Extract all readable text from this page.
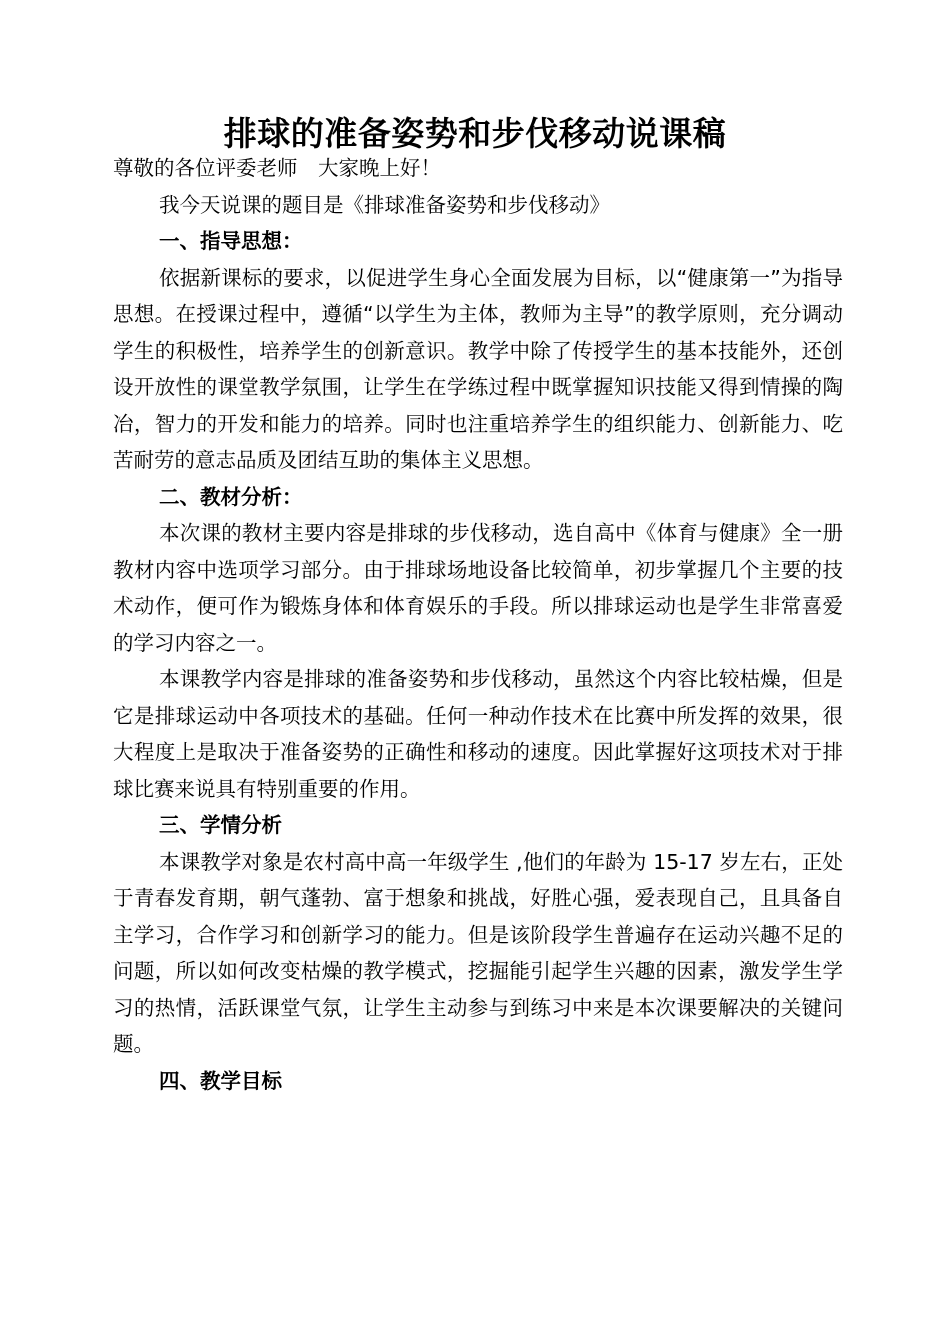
排球的准备姿势和步伐移动说课稿

尊敬的各位评委老师　大家晚上好！

我今天说课的题目是《排球准备姿势和步伐移动》

一、指导思想：

依据新课标的要求，以促进学生身心全面发展为目标，以“健康第一”为指导思想。在授课过程中，遵循“以学生为主体，教师为主导”的教学原则，充分调动学生的积极性，培养学生的创新意识。教学中除了传授学生的基本技能外，还创设开放性的课堂教学氛围，让学生在学练过程中既掌握知识技能又得到情操的陶冶，智力的开发和能力的培养。同时也注重培养学生的组织能力、创新能力、吃苦耐劳的意志品质及团结互助的集体主义思想。

二、教材分析：

本次课的教材主要内容是排球的步伐移动，选自高中《体育与健康》全一册教材内容中选项学习部分。由于排球场地设备比较简单，初步掌握几个主要的技术动作，便可作为锻炼身体和体育娱乐的手段。所以排球运动也是学生非常喜爱的学习内容之一。

本课教学内容是排球的准备姿势和步伐移动，虽然这个内容比较枯燥，但是它是排球运动中各项技术的基础。任何一种动作技术在比赛中所发挥的效果，很大程度上是取决于准备姿势的正确性和移动的速度。因此掌握好这项技术对于排球比赛来说具有特别重要的作用。

三、学情分析

本课教学对象是农村高中高一年级学生 ,他们的年龄为 15-17 岁左右，正处于青春发育期，朝气蓬勃、富于想象和挑战，好胜心强，爱表现自己，且具备自主学习，合作学习和创新学习的能力。但是该阶段学生普遍存在运动兴趣不足的问题，所以如何改变枯燥的教学模式，挖掘能引起学生兴趣的因素，激发学生学习的热情，活跃课堂气氛，让学生主动参与到练习中来是本次课要解决的关键问题。

四、教学目标
